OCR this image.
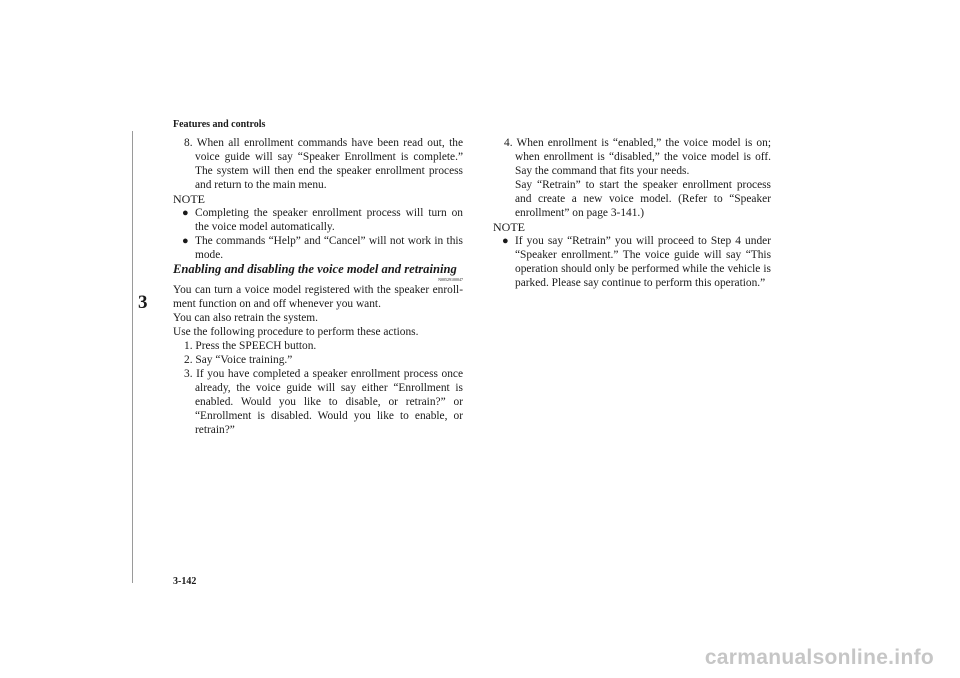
Features and controls
3

8. When all enrollment commands have been read out, the voice guide will say “Speaker Enrollment is complete.” The system will then end the speaker enrollment process and return to the main menu.

NOTE

● Completing the speaker enrollment process will turn on the voice model automatically.

● The commands “Help” and “Cancel” will not work in this mode.

Enabling and disabling the voice model and retraining

N00529100047

You can turn a voice model registered with the speaker enroll-ment function on and off whenever you want.

You can also retrain the system.

Use the following procedure to perform these actions.

1. Press the SPEECH button.

2. Say “Voice training.”

3. If you have completed a speaker enrollment process once already, the voice guide will say either “Enrollment is enabled. Would you like to disable, or retrain?” or “Enrollment is disabled. Would you like to enable, or retrain?”

4. When enrollment is “enabled,” the voice model is on; when enrollment is “disabled,” the voice model is off. Say the command that fits your needs.

Say “Retrain” to start the speaker enrollment process and create a new voice model. (Refer to “Speaker enrollment” on page 3-141.)

NOTE

● If you say “Retrain” you will proceed to Step 4 under “Speaker enrollment.” The voice guide will say “This operation should only be performed while the vehicle is parked. Please say continue to perform this operation.”

3-142
carmanualsonline.info
